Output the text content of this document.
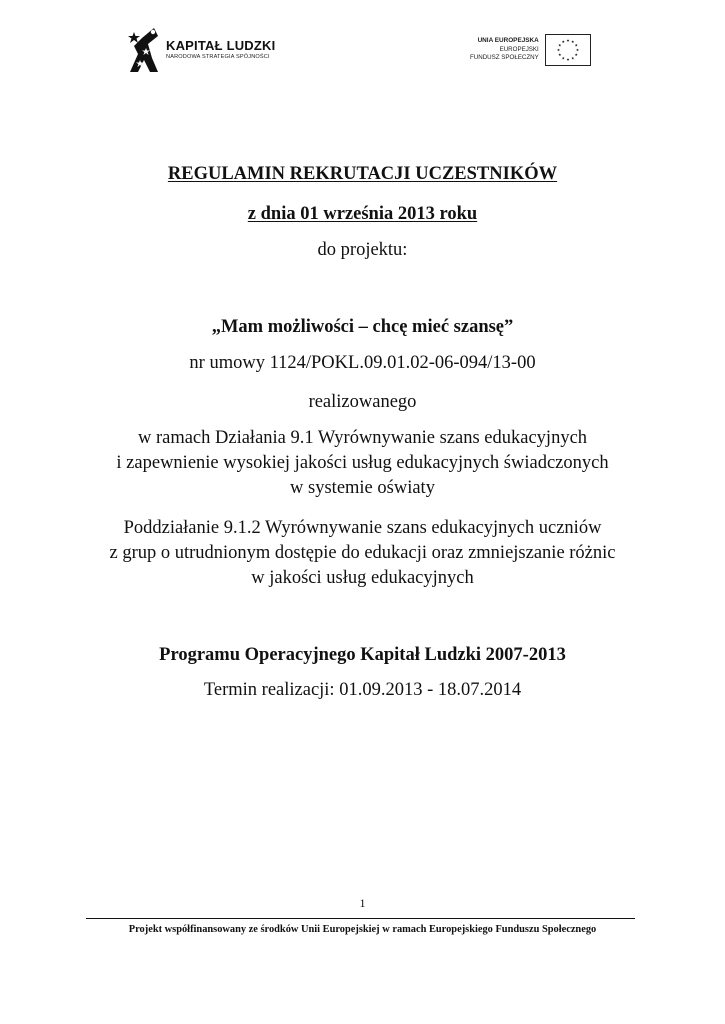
KAPITAŁ LUDZKI
NARODOWA STRATEGIA SPÓJNOŚCI
UNIA EUROPEJSKA
EUROPEJSKI
FUNDUSZ SPOŁECZNY
REGULAMIN REKRUTACJI UCZESTNIKÓW
z dnia 01 września 2013 roku
do projektu:
„Mam możliwości – chcę mieć szansę”
nr umowy 1124/POKL.09.01.02-06-094/13-00
realizowanego
w ramach Działania 9.1 Wyrównywanie szans edukacyjnych
i zapewnienie wysokiej jakości usług edukacyjnych świadczonych
w systemie oświaty
Poddziałanie 9.1.2 Wyrównywanie szans edukacyjnych uczniów
z grup o utrudnionym dostępie do edukacji oraz zmniejszanie różnic
w jakości usług edukacyjnych
Programu Operacyjnego Kapitał Ludzki 2007-2013
Termin realizacji: 01.09.2013 - 18.07.2014
1
Projekt współfinansowany ze środków Unii Europejskiej w ramach Europejskiego Funduszu Społecznego
